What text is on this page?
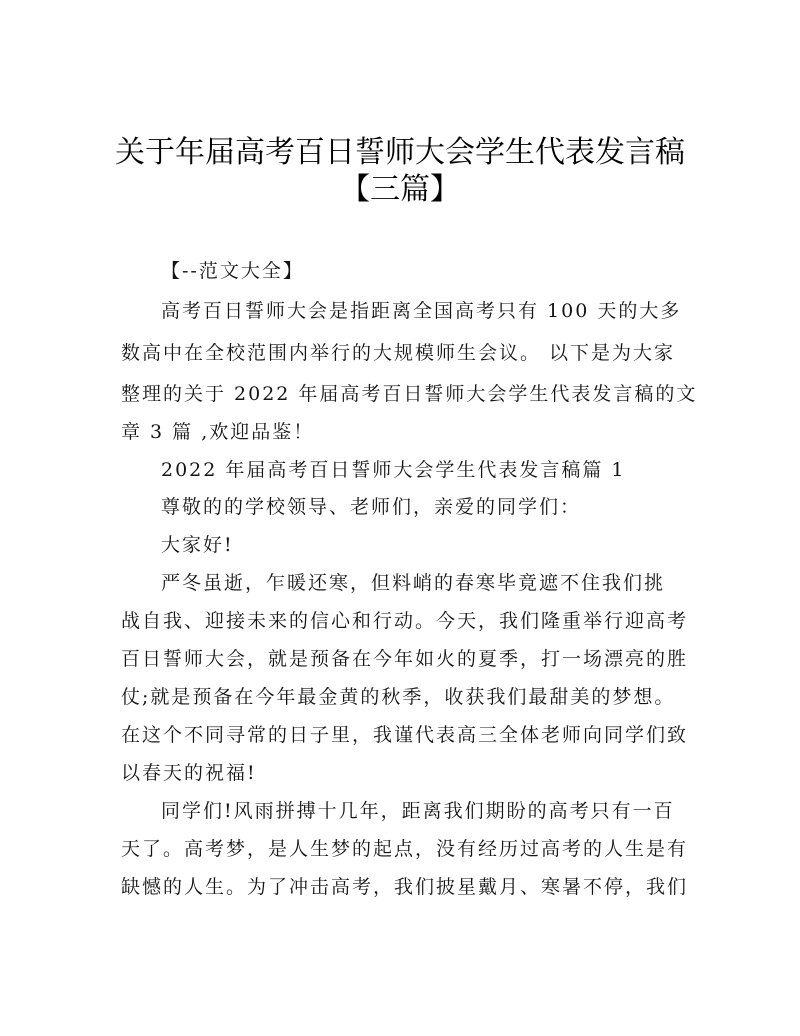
关于年届高考百日誓师大会学生代表发言稿
【三篇】

【--范文大全】

高考百日誓师大会是指距离全国高考只有 100 天的大多

数高中在全校范围内举行的大规模师生会议。 以下是为大家

整理的关于 2022 年届高考百日誓师大会学生代表发言稿的文

章 3 篇 ,欢迎品鉴！

2022 年届高考百日誓师大会学生代表发言稿篇 1

尊敬的的学校领导、老师们，亲爱的同学们：

大家好!

严冬虽逝，乍暖还寒，但料峭的春寒毕竟遮不住我们挑

战自我、迎接未来的信心和行动。今天，我们隆重举行迎高考

百日誓师大会，就是预备在今年如火的夏季，打一场漂亮的胜

仗;就是预备在今年最金黄的秋季，收获我们最甜美的梦想。

在这个不同寻常的日子里，我谨代表高三全体老师向同学们致

以春天的祝福!

同学们!风雨拼搏十几年，距离我们期盼的高考只有一百

天了。高考梦，是人生梦的起点，没有经历过高考的人生是有

缺憾的人生。为了冲击高考，我们披星戴月、寒暑不停，我们
